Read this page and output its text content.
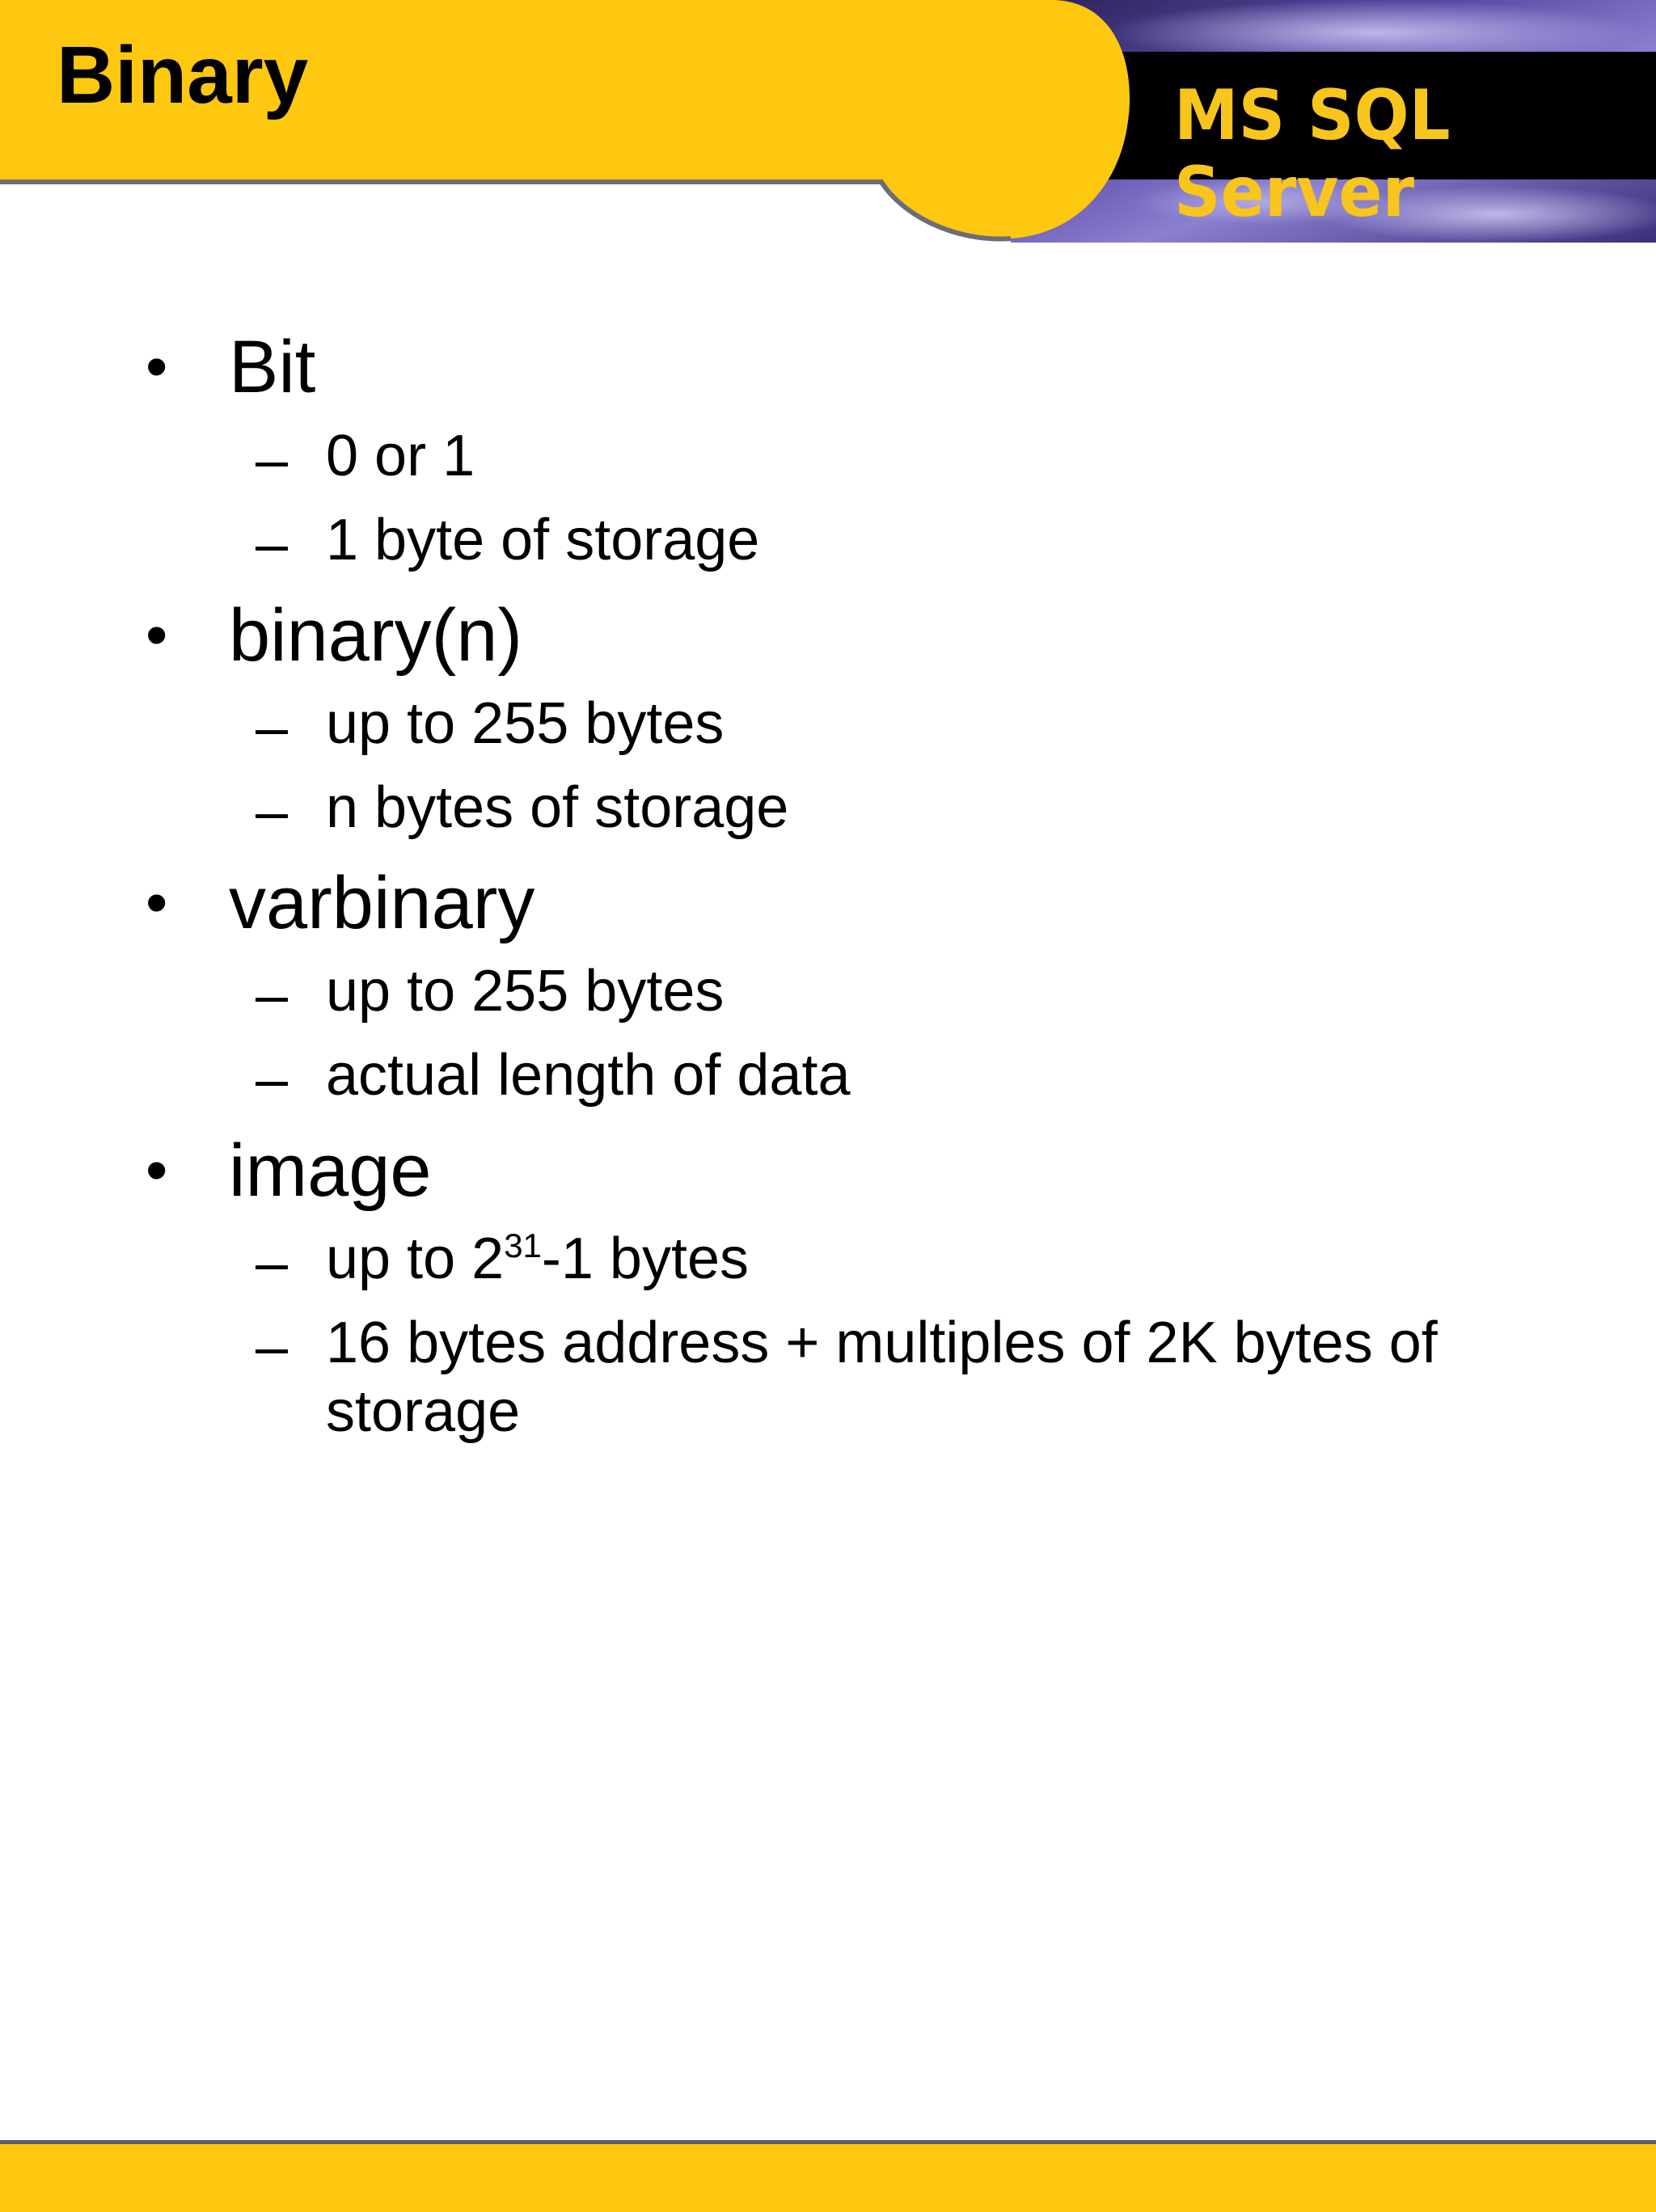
Binary	MS SQL Server
• Bit
– 0 or 1
– 1 byte of storage
• binary(n)
– up to 255 bytes
– n bytes of storage
• varbinary
– up to 255 bytes
– actual length of data
• image
– up to $2^{31}-1$ bytes
– 16 bytes address + multiples of 2K bytes of storage
